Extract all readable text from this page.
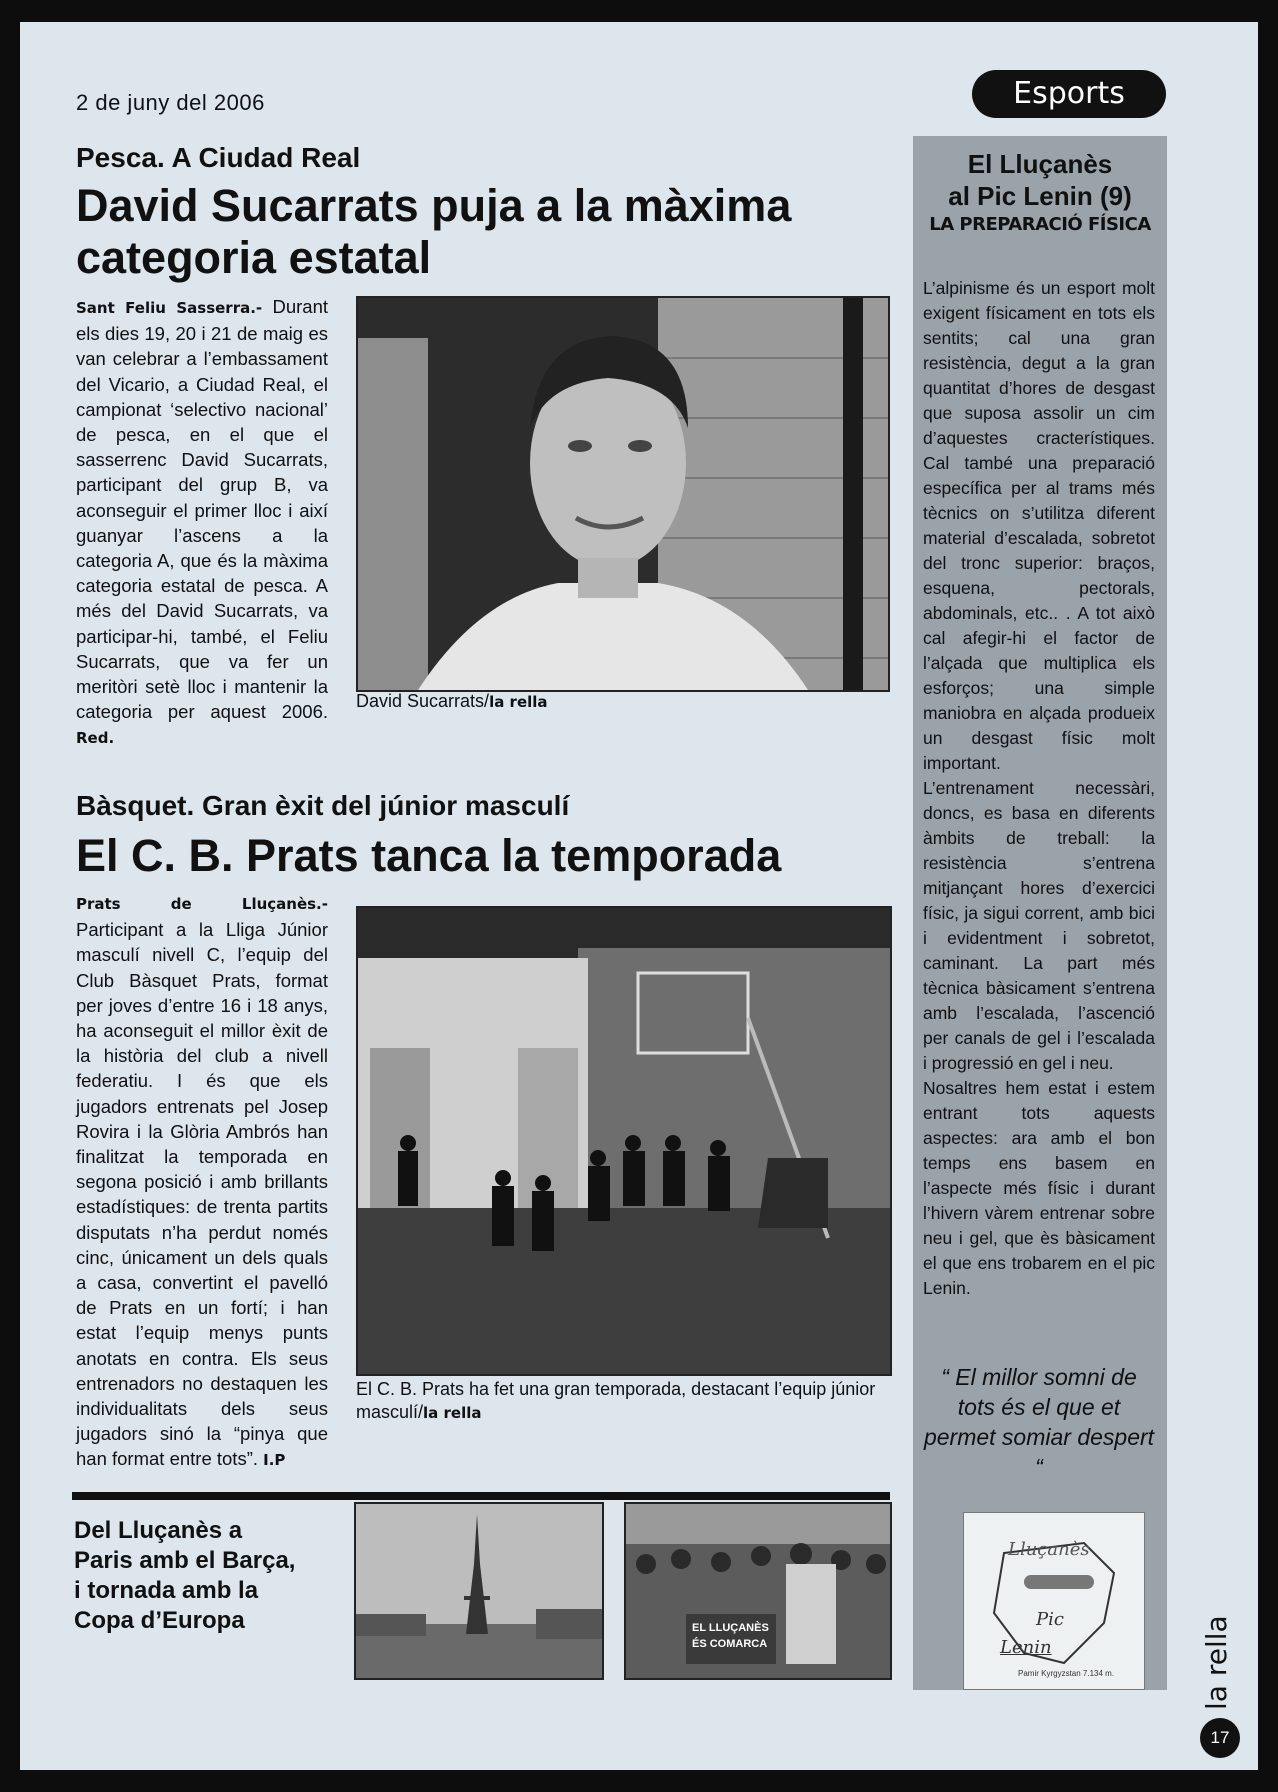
2 de juny del 2006	Esports
Pesca. A Ciudad Real
David Sucarrats puja a la màxima
categoria estatal
Sant Feliu Sasserra.- Durant els dies 19, 20 i 21 de maig es van celebrar a l’embassament del Vicario, a Ciudad Real, el campionat ‘selectivo nacional’ de pesca, en el que el sasserrenc David Sucarrats, participant del grup B, va aconseguir el primer lloc i així guanyar l’ascens a la categoria A, que és la màxima categoria estatal de pesca. A més del David Sucarrats, va participar-hi, també, el Feliu Sucarrats, que va fer un meritòri setè lloc i mantenir la categoria per aquest 2006. Red.
David Sucarrats/la rella
Bàsquet. Gran èxit del júnior masculí
El C. B. Prats tanca la temporada
Prats de Lluçanès.- Participant a la Lliga Júnior masculí nivell C, l’equip del Club Bàsquet Prats, format per joves d’entre 16 i 18 anys, ha aconseguit el millor èxit de la història del club a nivell federatiu. I és que els jugadors entrenats pel Josep Rovira i la Glòria Ambrós han finalitzat la temporada en segona posició i amb brillants estadístiques: de trenta partits disputats n’ha perdut només cinc, únicament un dels quals a casa, convertint el pavelló de Prats en un fortí; i han estat l’equip menys punts anotats en contra. Els seus entrenadors no destaquen les individualitats dels seus jugadors sinó la “pinya que han format entre tots”. I.P
El C. B. Prats ha fet una gran temporada, destacant l’equip júnior masculí/la rella
El Lluçanès
al Pic Lenin (9)
LA PREPARACIÓ FÍSICA
L’alpinisme és un esport molt exigent físicament en tots els sentits; cal una gran resistència, degut a la gran quantitat d’hores de desgast que suposa assolir un cim d’aquestes cracterístiques. Cal també una preparació específica per al trams més tècnics on s’utilitza diferent material d’escalada, sobretot del tronc superior: braços, esquena, pectorals, abdominals, etc.. . A tot això cal afegir-hi el factor de l’alçada que multiplica els esforços; una simple maniobra en alçada produeix un desgast físic molt important.
L’entrenament necessàri, doncs, es basa en diferents àmbits de treball: la resistència s’entrena mitjançant hores d’exercici físic, ja sigui corrent, amb bici i evidentment i sobretot, caminant. La part més tècnica bàsicament s’entrena amb l’escalada, l’ascenció per canals de gel i l’escalada i progressió en gel i neu.
Nosaltres hem estat i estem entrant tots aquests aspectes: ara amb el bon temps ens basem en l’aspecte més físic i durant l’hivern vàrem entrenar sobre neu i gel, que ès bàsicament el que ens trobarem en el pic Lenin.
“ El millor somni de tots és el que et permet somiar despert “
Lluçanès
Pic
Lenin
Pamir Kyrgyzstan 7.134 m.
Del Lluçanès a Paris amb el Barça, i tornada amb la Copa d’Europa	EL LLUÇANÈS
ÉS COMARCA	la rella
17
